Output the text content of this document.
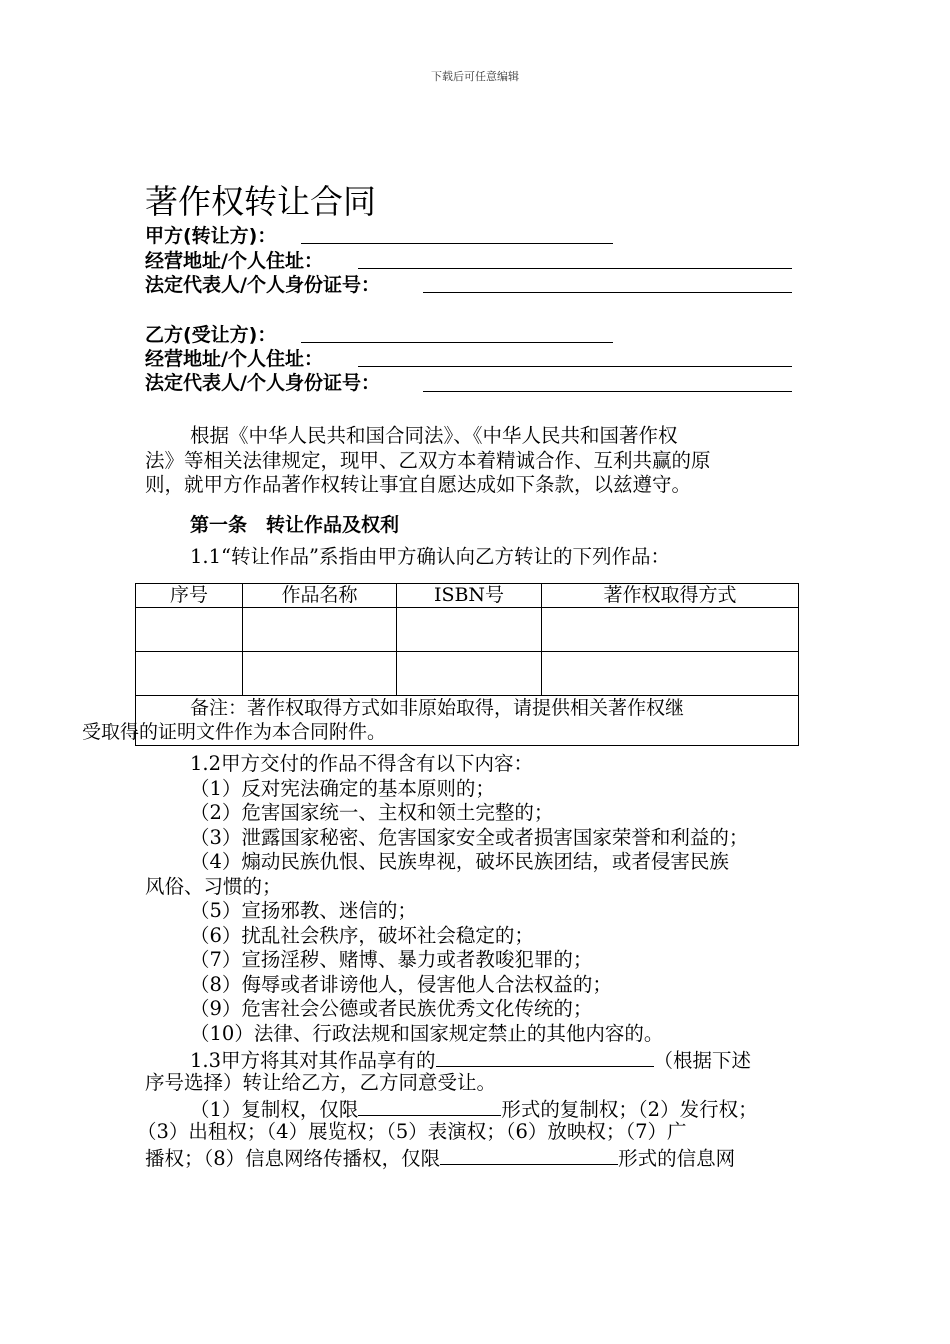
下载后可任意编辑
著作权转让合同
甲方(转让方)：
经营地址/个人住址：
法定代表人/个人身份证号：
乙方(受让方)：
经营地址/个人住址：
法定代表人/个人身份证号：
根据《中华人民共和国合同法》、《中华人民共和国著作权
法》等相关法律规定，现甲、乙双方本着精诚合作、互利共赢的原
则，就甲方作品著作权转让事宜自愿达成如下条款，以兹遵守。
第一条　转让作品及权利
1.1“转让作品”系指由甲方确认向乙方转让的下列作品：
序号	作品名称	ISBN号	著作权取得方式

备注：著作权取得方式如非原始取得，请提供相关著作权继
受取得的证明文件作为本合同附件。			
1.2甲方交付的作品不得含有以下内容：
（1）反对宪法确定的基本原则的；
（2）危害国家统一、主权和领土完整的；
（3）泄露国家秘密、危害国家安全或者损害国家荣誉和利益的；
（4）煽动民族仇恨、民族卑视，破坏民族团结，或者侵害民族
风俗、习惯的；
（5）宣扬邪教、迷信的；
（6）扰乱社会秩序，破坏社会稳定的；
（7）宣扬淫秽、赌博、暴力或者教唆犯罪的；
（8）侮辱或者诽谤他人，侵害他人合法权益的；
（9）危害社会公德或者民族优秀文化传统的；
（10）法律、行政法规和国家规定禁止的其他内容的。
1.3甲方将其对其作品享有的	（根据下述
序号选择）转让给乙方，乙方同意受让。
（1）复制权，仅限	形式的复制权；（2）发行权；
（3）出租权；（4）展览权；（5）表演权；（6）放映权；（7）广
播权；（8）信息网络传播权，仅限	形式的信息网
